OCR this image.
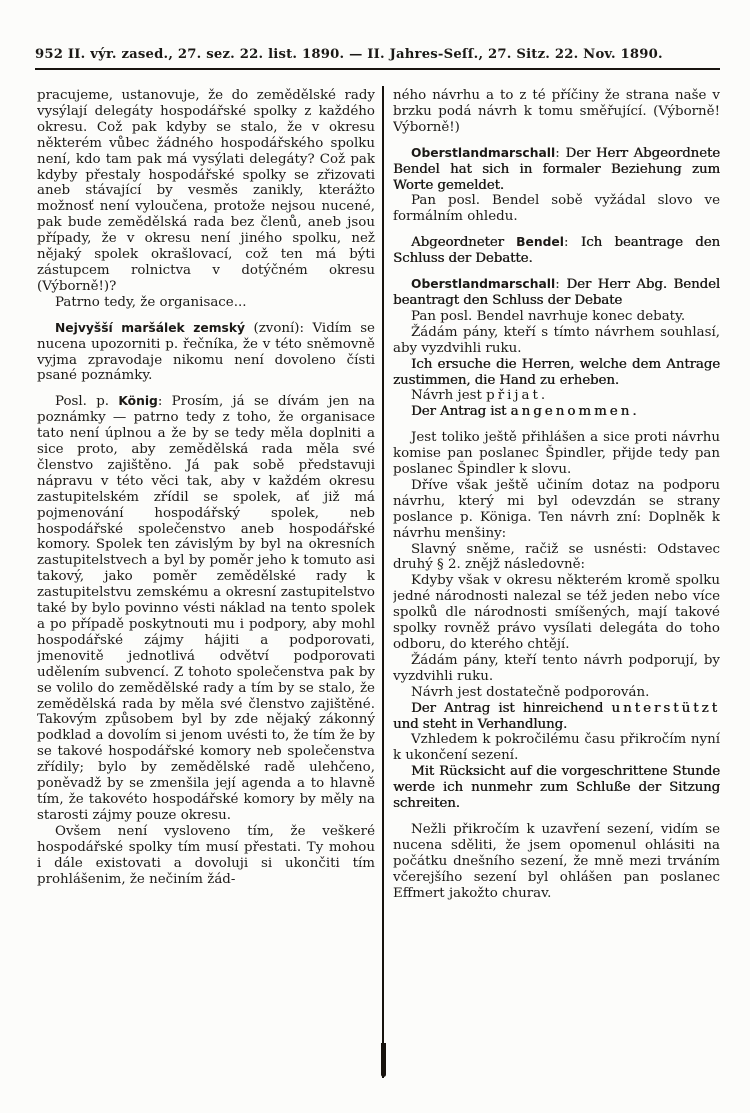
952 II. výr. zased., 27. sez. 22. list. 1890. — II. Jahres-Seſſ., 27. Sitz. 22. Nov. 1890.

pracujeme, ustanovuje, že do zemědělské rady vysýlají delegáty hospodářské spolky z každého okresu. Což pak kdyby se stalo, že v okresu některém vůbec žádného hospodářského spolku není, kdo tam pak má vysýlati delegáty? Což pak kdyby přestaly hospodářské spolky se zřizovati aneb stávající by vesměs zanikly, kterážto možnosť není vyloučena, protože nejsou nucené, pak bude zemědělská rada bez členů, aneb jsou případy, že v okresu není jiného spolku, než nějaký spolek okrašlovací, což ten má býti zástupcem rolnictva v dotýčném okresu (Výborně!)?

Patrno tedy, že organisace...

Nejvyšší maršálek zemský (zvoní): Vidím se nucena upozorniti p. řečníka, že v této sněmovně vyjma zpravodaje nikomu není dovoleno čísti psané poznámky.

Posl. p. König: Prosím, já se dívám jen na poznámky — patrno tedy z toho, že organisace tato není úplnou a že by se tedy měla doplniti a sice proto, aby zemědělská rada měla své členstvo zajištěno. Já pak sobě představuji nápravu v této věci tak, aby v každém okresu zastupitelském zřídil se spolek, ať již má pojmenování hospodářský spolek, neb hospodářské společenstvo aneb hospodářské komory. Spolek ten závislým by byl na okresních zastupitelstvech a byl by poměr jeho k tomuto asi takový, jako poměr zemědělské rady k zastupitelstvu zemskému a okresní zastupitelstvo také by bylo povinno vésti náklad na tento spolek a po případě poskytnouti mu i podpory, aby mohl hospodářské zájmy hájiti a podporovati, jmenovitě jednotlivá odvětví podporovati udělením subvencí. Z tohoto společenstva pak by se volilo do zemědělské rady a tím by se stalo, že zemědělská rada by měla své členstvo zajištěné. Takovým způsobem byl by zde nějaký zákonný podklad a dovolím si jenom uvésti to, že tím že by se takové hospodářské komory neb společenstva zřídily; bylo by zemědělské radě ulehčeno, poněvadž by se zmenšila její agenda a to hlavně tím, že takovéto hospodářské komory by měly na starosti zájmy pouze okresu.

Ovšem není vysloveno tím, že veškeré hospodářské spolky tím musí přestati. Ty mohou i dále existovati a dovoluji si ukončiti tím prohlášenim, že nečiním žád-

ného návrhu a to z té příčiny že strana naše v brzku podá návrh k tomu směřující. (Výborně! Výborně!)

Oberstlandmarschall: Der Herr Abgeordnete Bendel hat sich in formaler Beziehung zum Worte gemeldet.

Pan posl. Bendel sobě vyžádal slovo ve formálním ohledu.

Abgeordneter Bendel: Ich beantrage den Schluss der Debatte.

Oberstlandmarschall: Der Herr Abg. Bendel beantragt den Schluss der Debate

Pan posl. Bendel navrhuje konec debaty.

Žádám pány, kteří s tímto návrhem souhlasí, aby vyzdvihli ruku.

Ich ersuche die Herren, welche dem Antrage zustimmen, die Hand zu erheben.

Návrh jest přijat.

Der Antrag ist angenommen.

Jest toliko ještě přihlášen a sice proti návrhu komise pan poslanec Špindler, přijde tedy pan poslanec Špindler k slovu.

Dříve však ještě učiním dotaz na podporu návrhu, který mi byl odevzdán se strany poslance p. Königa. Ten návrh zní: Doplněk k návrhu menšiny:

Slavný sněme, račiž se usnésti: Odstavec druhý § 2. znějž následovně:

Kdyby však v okresu některém kromě spolku jedné národnosti nalezal se též jeden nebo více spolků dle národnosti smíšených, mají takové spolky rovněž právo vysílati delegáta do toho odboru, do kterého chtějí.

Žádám pány, kteří tento návrh podporují, by vyzdvihli ruku.

Návrh jest dostatečně podporován.

Der Antrag ist hinreichend unterstützt und steht in Verhandlung.

Vzhledem k pokročilému času přikročím nyní k ukončení sezení.

Mit Rücksicht auf die vorgeschrittene Stunde werde ich nunmehr zum Schluße der Sitzung schreiten.

Nežli přikročím k uzavření sezení, vidím se nucena sděliti, že jsem opomenul ohlásiti na počátku dnešního sezení, že mně mezi trváním včerejšího sezení byl ohlášen pan poslanec Effmert jakožto churav.
